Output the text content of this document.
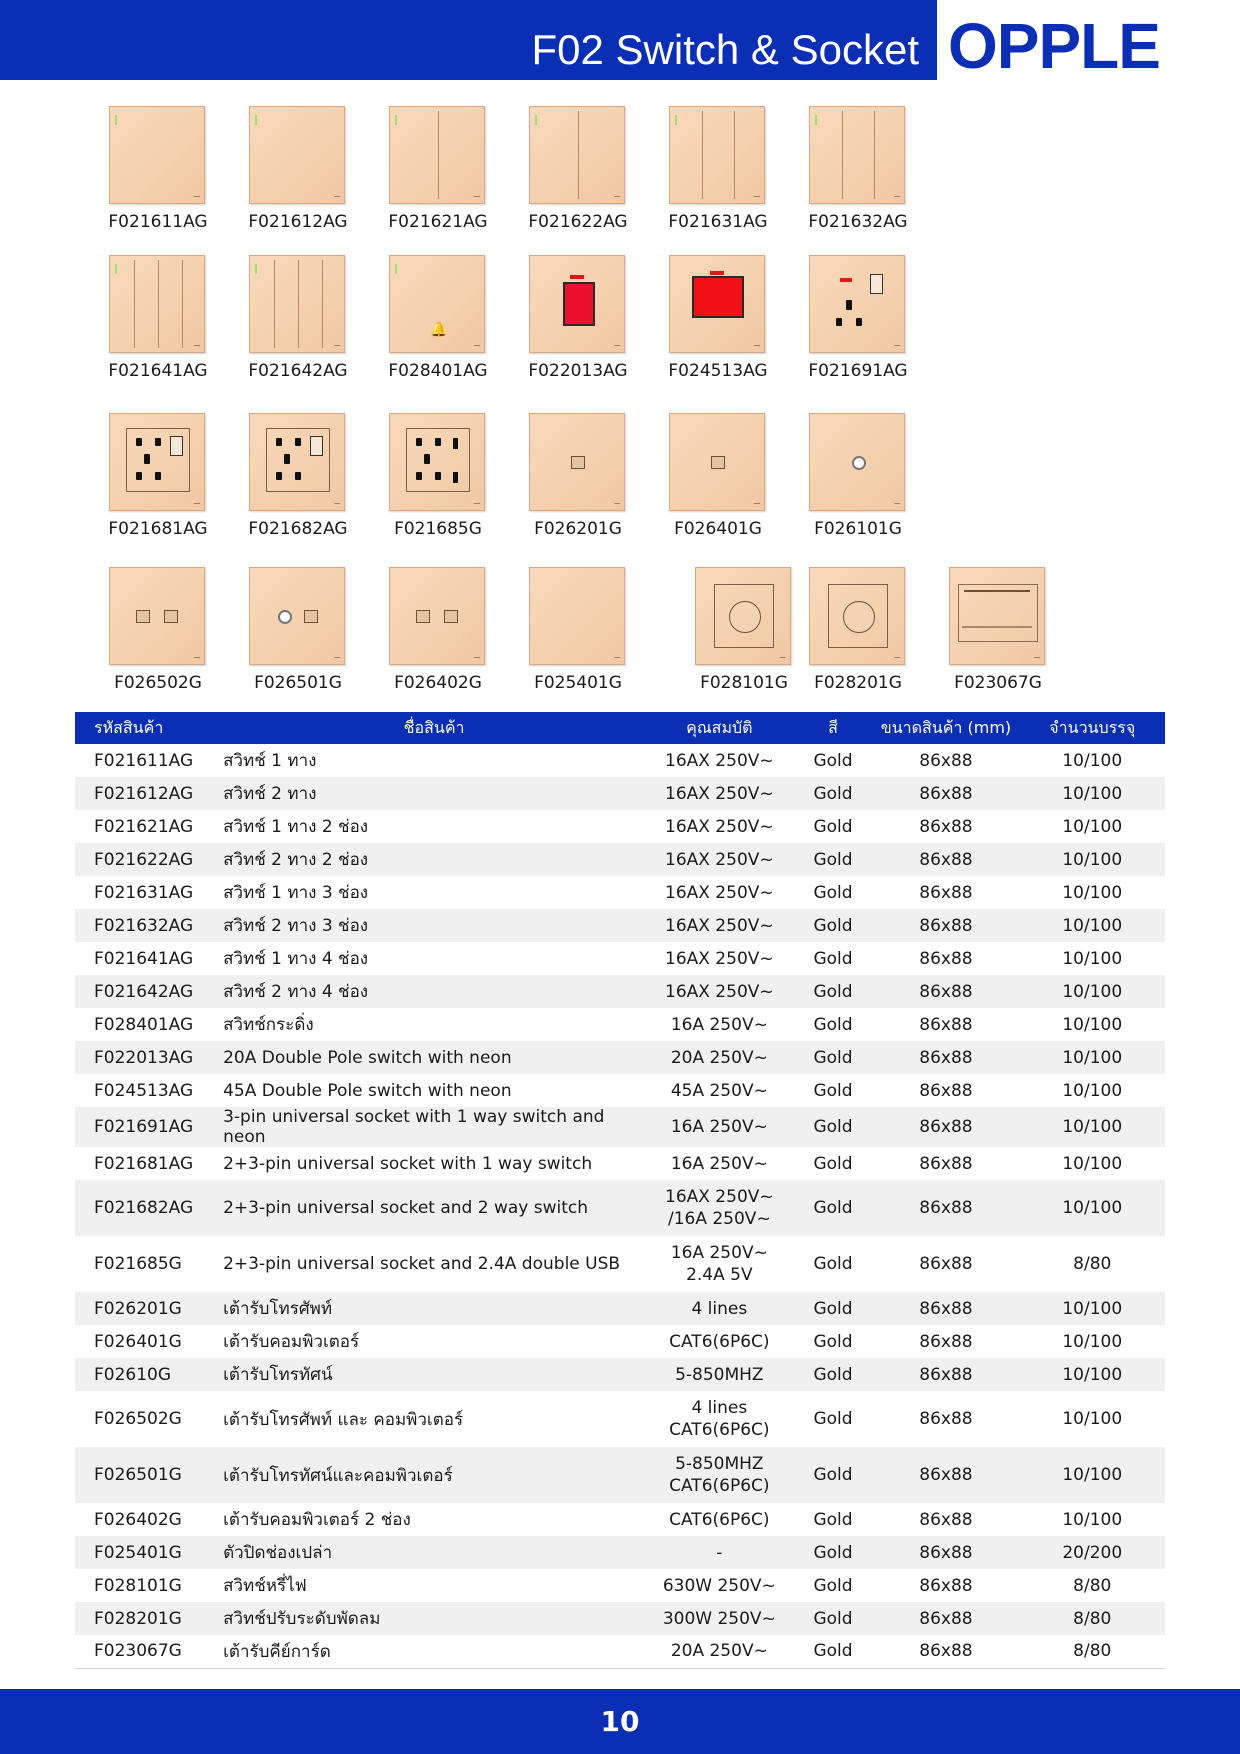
F02 Switch & Socket OPPLE
F021611AG	F021612AG	F021621AG	F021622AG	F021631AG	F021632AG
F021641AG	F021642AG
🔔
F028401AG	F022013AG	F024513AG	F021691AG
F021681AG	F021682AG	F021685G	F026201G	F026401G	F026101G
F026502G	F026501G	F026402G	F025401G	F028101G	F028201G	F023067G
รหัสสินค้า	ชื่อสินค้า	คุณสมบัติ	สี	ขนาดสินค้า (mm)	จำนวนบรรจุ
F021611AG	สวิทช์ 1 ทาง	16AX 250V~	Gold	86x88	10/100
F021612AG	สวิทช์ 2 ทาง	16AX 250V~	Gold	86x88	10/100
F021621AG	สวิทช์ 1 ทาง 2 ช่อง	16AX 250V~	Gold	86x88	10/100
F021622AG	สวิทช์ 2 ทาง 2 ช่อง	16AX 250V~	Gold	86x88	10/100
F021631AG	สวิทช์ 1 ทาง 3 ช่อง	16AX 250V~	Gold	86x88	10/100
F021632AG	สวิทช์ 2 ทาง 3 ช่อง	16AX 250V~	Gold	86x88	10/100
F021641AG	สวิทช์ 1 ทาง 4 ช่อง	16AX 250V~	Gold	86x88	10/100
F021642AG	สวิทช์ 2 ทาง 4 ช่อง	16AX 250V~	Gold	86x88	10/100
F028401AG	สวิทช์กระดิ่ง	16A 250V~	Gold	86x88	10/100
F022013AG	20A Double Pole switch with neon	20A 250V~	Gold	86x88	10/100
F024513AG	45A Double Pole switch with neon	45A 250V~	Gold	86x88	10/100
F021691AG	3-pin universal socket with 1 way switch and neon	16A 250V~	Gold	86x88	10/100
F021681AG	2+3-pin universal socket with 1 way switch	16A 250V~	Gold	86x88	10/100
F021682AG	2+3-pin universal socket and 2 way switch	16AX 250V~
/16A 250V~	Gold	86x88	10/100
F021685G	2+3-pin universal socket and 2.4A double USB	16A 250V~
2.4A 5V	Gold	86x88	8/80
F026201G	เต้ารับโทรศัพท์	4 lines	Gold	86x88	10/100
F026401G	เต้ารับคอมพิวเตอร์	CAT6(6P6C)	Gold	86x88	10/100
F02610G	เต้ารับโทรทัศน์	5-850MHZ	Gold	86x88	10/100
F026502G	เต้ารับโทรศัพท์ และ คอมพิวเตอร์	4 lines
CAT6(6P6C)	Gold	86x88	10/100
F026501G	เต้ารับโทรทัศน์และคอมพิวเตอร์	5-850MHZ
CAT6(6P6C)	Gold	86x88	10/100
F026402G	เต้ารับคอมพิวเตอร์ 2 ช่อง	CAT6(6P6C)	Gold	86x88	10/100
F025401G	ตัวปิดช่องเปล่า	-	Gold	86x88	20/200
F028101G	สวิทช์หรี่ไฟ	630W 250V~	Gold	86x88	8/80
F028201G	สวิทช์ปรับระดับพัดลม	300W 250V~	Gold	86x88	8/80
F023067G	เต้ารับคีย์การ์ด	20A 250V~	Gold	86x88	8/80
10
